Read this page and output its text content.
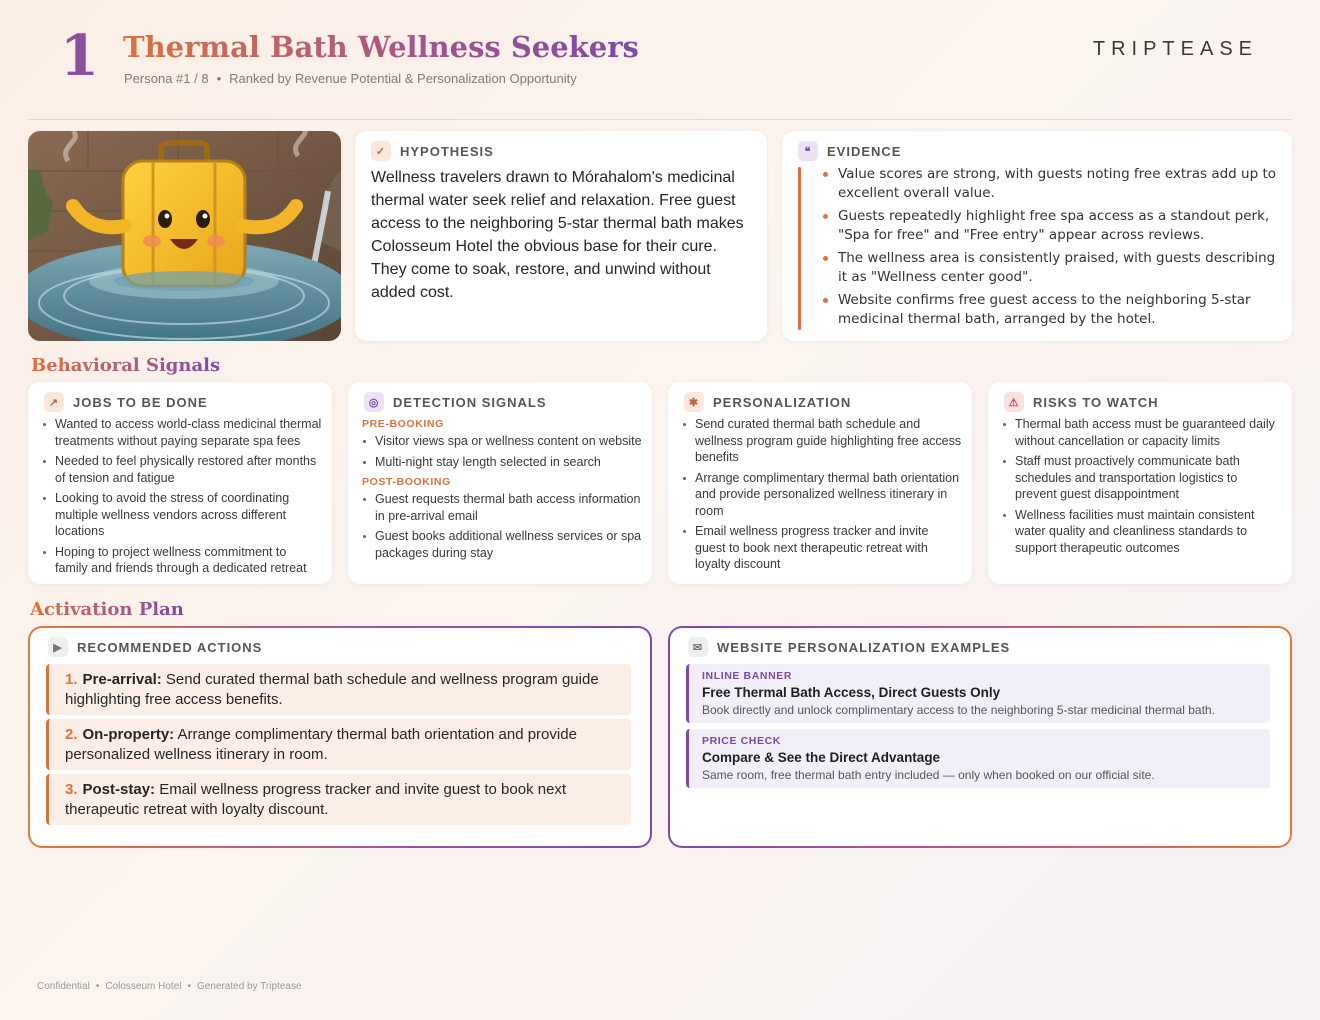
1 Thermal Bath Wellness Seekers
Persona #1 / 8 • Ranked by Revenue Potential & Personalization Opportunity
TRIPTEASE
✓	HYPOTHESIS
Wellness travelers drawn to Mórahalom's medicinal thermal water seek relief and relaxation. Free guest access to the neighboring 5-star thermal bath makes Colosseum Hotel the obvious base for their cure. They come to soak, restore, and unwind without added cost.
❝	EVIDENCE
Value scores are strong, with guests noting free extras add up to excellent overall value.
Guests repeatedly highlight free spa access as a standout perk, "Spa for free" and "Free entry" appear across reviews.
The wellness area is consistently praised, with guests describing it as "Wellness center good".
Website confirms free guest access to the neighboring 5-star medicinal thermal bath, arranged by the hotel.
Behavioral Signals
↗	JOBS TO BE DONE
Wanted to access world-class medicinal thermal treatments without paying separate spa fees
Needed to feel physically restored after months of tension and fatigue
Looking to avoid the stress of coordinating multiple wellness vendors across different locations
Hoping to project wellness commitment to family and friends through a dedicated retreat
◎	DETECTION SIGNALS
PRE-BOOKING
Visitor views spa or wellness content on website
Multi-night stay length selected in search
POST-BOOKING
Guest requests thermal bath access information in pre-arrival email
Guest books additional wellness services or spa packages during stay
✱	PERSONALIZATION
Send curated thermal bath schedule and wellness program guide highlighting free access benefits
Arrange complimentary thermal bath orientation and provide personalized wellness itinerary in room
Email wellness progress tracker and invite guest to book next therapeutic retreat with loyalty discount
⚠	RISKS TO WATCH
Thermal bath access must be guaranteed daily without cancellation or capacity limits
Staff must proactively communicate bath schedules and transportation logistics to prevent guest disappointment
Wellness facilities must maintain consistent water quality and cleanliness standards to support therapeutic outcomes
Activation Plan
▶	RECOMMENDED ACTIONS
1. Pre-arrival: Send curated thermal bath schedule and wellness program guide highlighting free access benefits.
2. On-property: Arrange complimentary thermal bath orientation and provide personalized wellness itinerary in room.
3. Post-stay: Email wellness progress tracker and invite guest to book next therapeutic retreat with loyalty discount.
✉	WEBSITE PERSONALIZATION EXAMPLES
INLINE BANNER
Free Thermal Bath Access, Direct Guests Only
Book directly and unlock complimentary access to the neighboring 5-star medicinal thermal bath.
PRICE CHECK
Compare & See the Direct Advantage
Same room, free thermal bath entry included — only when booked on our official site.
Confidential • Colosseum Hotel • Generated by Triptease
